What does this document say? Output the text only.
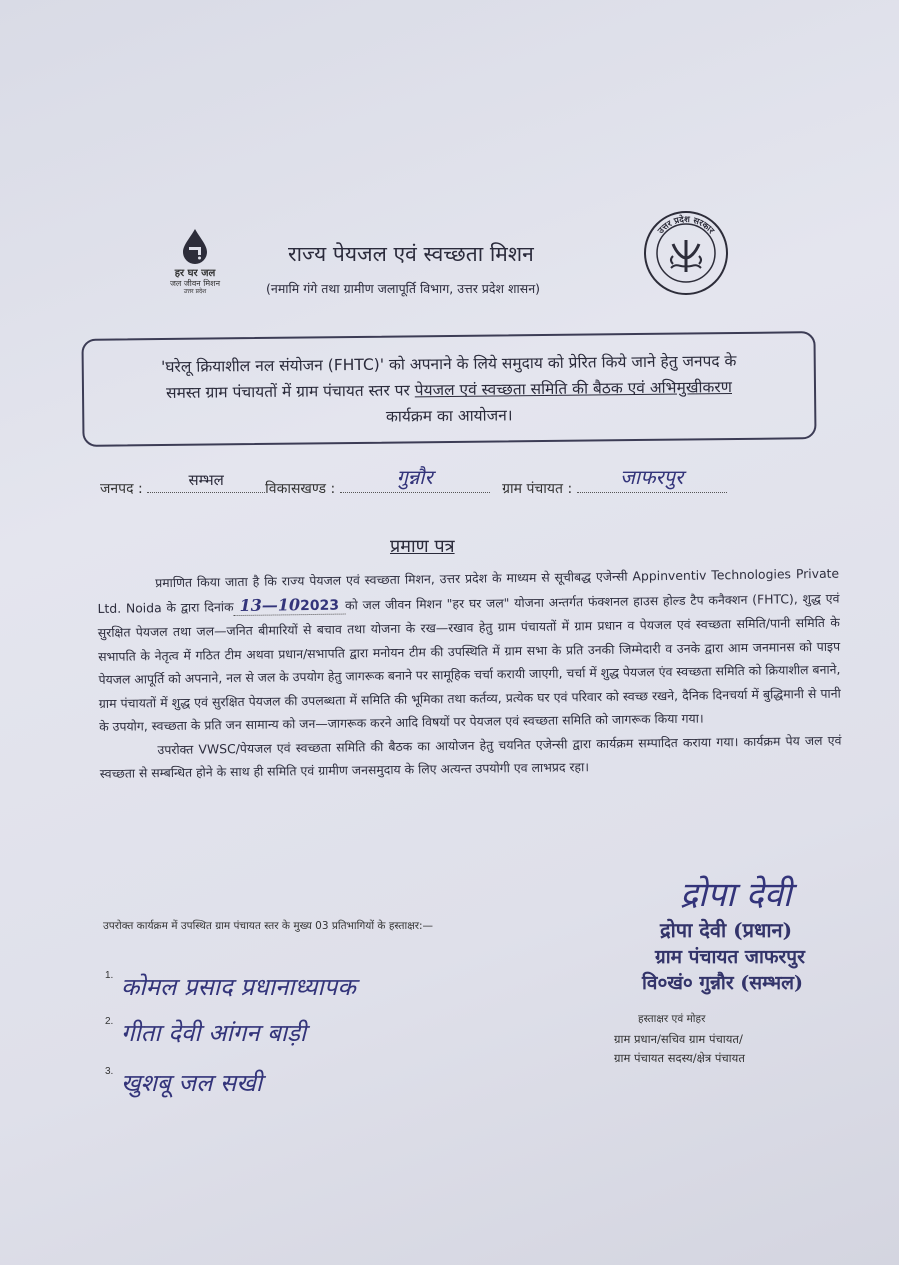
हर घर जल
जल जीवन मिशन
उत्तर प्रदेश
राज्य पेयजल एवं स्वच्छता मिशन
(नमामि गंगे तथा ग्रामीण जलापूर्ति विभाग, उत्तर प्रदेश शासन)
उत्तर प्रदेश सरकार
'घरेलू क्रियाशील नल संयोजन (FHTC)' को अपनाने के लिये समुदाय को प्रेरित किये जाने हेतु जनपद के
समस्त ग्राम पंचायतों में ग्राम पंचायत स्तर पर पेयजल एवं स्वच्छता समिति की बैठक एवं अभिमुखीकरण
कार्यक्रम का आयोजन।
जनपद :	सम्भल	विकासखण्ड :	गुन्नौर	ग्राम पंचायत :	जाफरपुर
प्रमाण पत्र

प्रमाणित किया जाता है कि राज्य पेयजल एवं स्वच्छता मिशन, उत्तर प्रदेश के माध्यम से सूचीबद्ध एजेन्सी Appinventiv Technologies Private Ltd. Noida के द्वारा दिनांक 13—102023 को जल जीवन मिशन "हर घर जल" योजना अन्तर्गत फंक्शनल हाउस होल्ड टैप कनैक्शन (FHTC), शुद्ध एवं सुरक्षित पेयजल तथा जल—जनित बीमारियों से बचाव तथा योजना के रख—रखाव हेतु ग्राम पंचायतों में ग्राम प्रधान व पेयजल एवं स्वच्छता समिति/पानी समिति के सभापति के नेतृत्व में गठित टीम अथवा प्रधान/सभापति द्वारा मनोयन टीम की उपस्थिति में ग्राम सभा के प्रति उनकी जिम्मेदारी व उनके द्वारा आम जनमानस को पाइप पेयजल आपूर्ति को अपनाने, नल से जल के उपयोग हेतु जागरूक बनाने पर सामूहिक चर्चा करायी जाएगी, चर्चा में शुद्ध पेयजल एंव स्वच्छता समिति को क्रियाशील बनाने, ग्राम पंचायतों में शुद्ध एवं सुरक्षित पेयजल की उपलब्धता में समिति की भूमिका तथा कर्तव्य, प्रत्येक घर एवं परिवार को स्वच्छ रखने, दैनिक दिनचर्या में बुद्धिमानी से पानी के उपयोग, स्वच्छता के प्रति जन सामान्य को जन—जागरूक करने आदि विषयों पर पेयजल एवं स्वच्छता समिति को जागरूक किया गया।

उपरोक्त VWSC/पेयजल एवं स्वच्छता समिति की बैठक का आयोजन हेतु चयनित एजेन्सी द्वारा कार्यक्रम सम्पादित कराया गया। कार्यक्रम पेय जल एवं स्वच्छता से सम्बन्धित होने के साथ ही समिति एवं ग्रामीण जनसमुदाय के लिए अत्यन्त उपयोगी एव लाभप्रद रहा।

उपरोक्त कार्यक्रम में उपस्थित ग्राम पंचायत स्तर के मुख्य 03 प्रतिभागियों के हस्ताक्षर:—
$^{1.}$ कोमल प्रसाद प्रधानाध्यापक
$^{2.}$ गीता देवी आंगन बाड़ी
$^{3.}$ खुशबू जल सखी
द्रोपा देवी
द्रोपा देवी (प्रधान)
ग्राम पंचायत जाफरपुर
वि०खं० गुन्नौर (सम्भल)
हस्ताक्षर एवं मोहर
ग्राम प्रधान/सचिव ग्राम पंचायत/
ग्राम पंचायत सदस्य/क्षेत्र पंचायत
